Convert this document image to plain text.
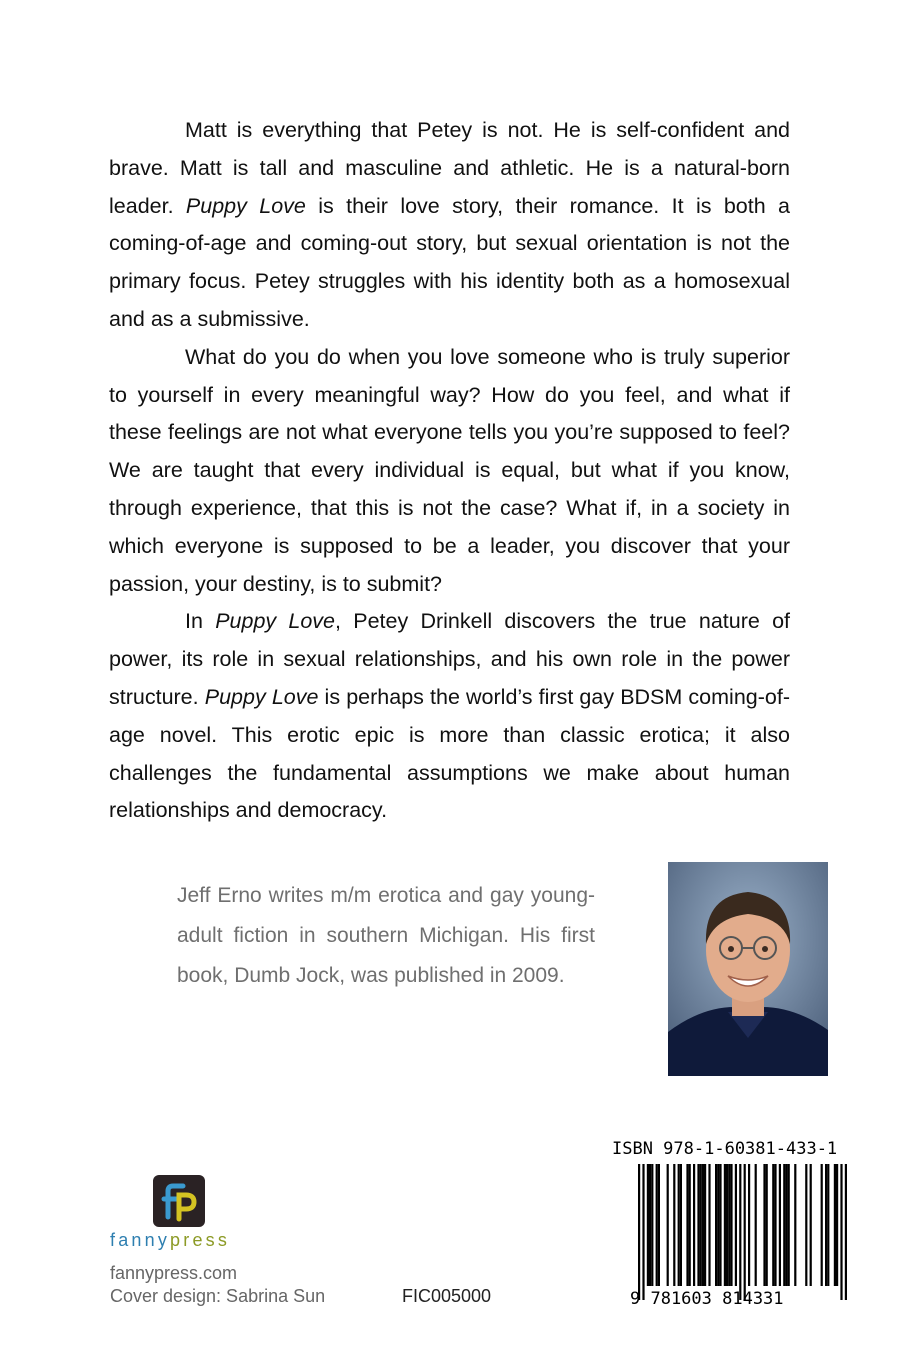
Matt is everything that Petey is not. He is self-confident and brave. Matt is tall and masculine and athletic. He is a natural-born leader. Puppy Love is their love story, their romance. It is both a coming-of-age and coming-out story, but sexual orientation is not the primary focus. Petey struggles with his identity both as a homosexual and as a submissive.

What do you do when you love someone who is truly superior to yourself in every meaningful way? How do you feel, and what if these feelings are not what everyone tells you you’re supposed to feel? We are taught that every individual is equal, but what if you know, through experience, that this is not the case? What if, in a society in which everyone is supposed to be a leader, you discover that your passion, your destiny, is to submit?

In Puppy Love, Petey Drinkell discovers the true nature of power, its role in sexual relationships, and his own role in the power structure. Puppy Love is perhaps the world’s first gay BDSM coming-of-age novel. This erotic epic is more than classic erotica; it also challenges the fundamental assumptions we make about human relationships and democracy.

Jeff Erno writes m/m erotica and gay young-adult fiction in southern Michigan. His first book, Dumb Jock, was published in 2009.
fannypress
fannypress.com
Cover design: Sabrina Sun	FIC005000
ISBN 978-1-60381-433-1
9 781603 814331
